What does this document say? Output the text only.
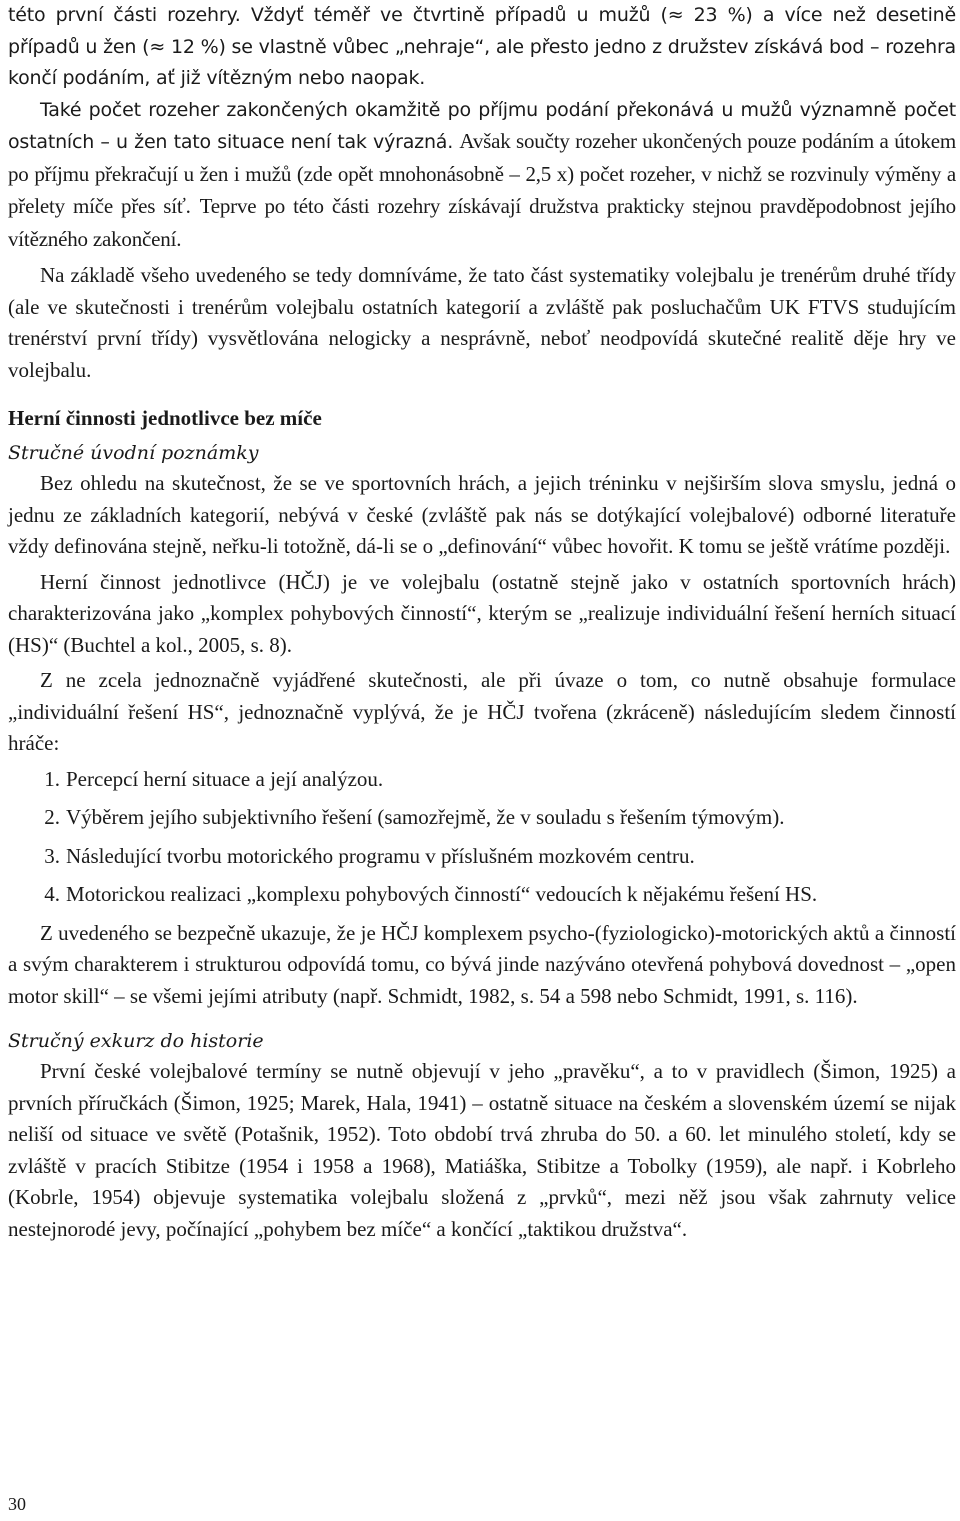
této první části rozehry. Vždyť téměř ve čtvrtině případů u mužů (≈ 23 %) a více než desetině případů u žen (≈ 12 %) se vlastně vůbec „nehraje“, ale přesto jedno z družstev získává bod – rozehra končí podáním, ať již vítězným nebo naopak.

Také počet rozeher zakončených okamžitě po příjmu podání překonává u mužů významně počet ostatních – u žen tato situace není tak výrazná. Avšak součty rozeher ukončených pouze podáním a útokem po příjmu překračují u žen i mužů (zde opět mnohonásobně – 2,5 x) počet rozeher, v nichž se rozvinuly výměny a přelety míče přes síť. Teprve po této části rozehry získávají družstva prakticky stejnou pravděpodobnost jejího vítězného zakončení.

Na základě všeho uvedeného se tedy domníváme, že tato část systematiky volejbalu je trenérům druhé třídy (ale ve skutečnosti i trenérům volejbalu ostatních kategorií a zvláště pak posluchačům UK FTVS studujícím trenérství první třídy) vysvětlována nelogicky a nesprávně, neboť neodpovídá skutečné realitě děje hry ve volejbalu.

Herní činnosti jednotlivce bez míče
Stručné úvodní poznámky

Bez ohledu na skutečnost, že se ve sportovních hrách, a jejich tréninku v nejširším slova smyslu, jedná o jednu ze základních kategorií, nebývá v české (zvláště pak nás se dotýkající volejbalové) odborné literatuře vždy definována stejně, neřku-li totožně, dá-li se o „definování“ vůbec hovořit. K tomu se ještě vrátíme později.

Herní činnost jednotlivce (HČJ) je ve volejbalu (ostatně stejně jako v ostatních sportovních hrách) charakterizována jako „komplex pohybových činností“, kterým se „realizuje individuální řešení herních situací (HS)“ (Buchtel a kol., 2005, s. 8).

Z ne zcela jednoznačně vyjádřené skutečnosti, ale při úvaze o tom, co nutně obsahuje formulace „individuální řešení HS“, jednoznačně vyplývá, že je HČJ tvořena (zkráceně) následujícím sledem činností hráče:

1. Percepcí herní situace a její analýzou.
2. Výběrem jejího subjektivního řešení (samozřejmě, že v souladu s řešením týmovým).
3. Následující tvorbu motorického programu v příslušném mozkovém centru.
4. Motorickou realizaci „komplexu pohybových činností“ vedoucích k nějakému řešení HS.

Z uvedeného se bezpečně ukazuje, že je HČJ komplexem psycho-(fyziologicko)-motorických aktů a činností a svým charakterem i strukturou odpovídá tomu, co bývá jinde nazýváno otevřená pohybová dovednost – „open motor skill“ – se všemi jejími atributy (např. Schmidt, 1982, s. 54 a 598 nebo Schmidt, 1991, s. 116).

Stručný exkurz do historie

První české volejbalové termíny se nutně objevují v jeho „pravěku“, a to v pravidlech (Šimon, 1925) a prvních příručkách (Šimon, 1925; Marek, Hala, 1941) – ostatně situace na českém a slovenském území se nijak neliší od situace ve světě (Potašnik, 1952). Toto období trvá zhruba do 50. a 60. let minulého století, kdy se zvláště v pracích Stibitze (1954 i 1958 a 1968), Matiáška, Stibitze a Tobolky (1959), ale např. i Kobrleho (Kobrle, 1954) objevuje systematika volejbalu složená z „prvků“, mezi něž jsou však zahrnuty velice nestejnorodé jevy, počínající „pohybem bez míče“ a končící „taktikou družstva“.

30
